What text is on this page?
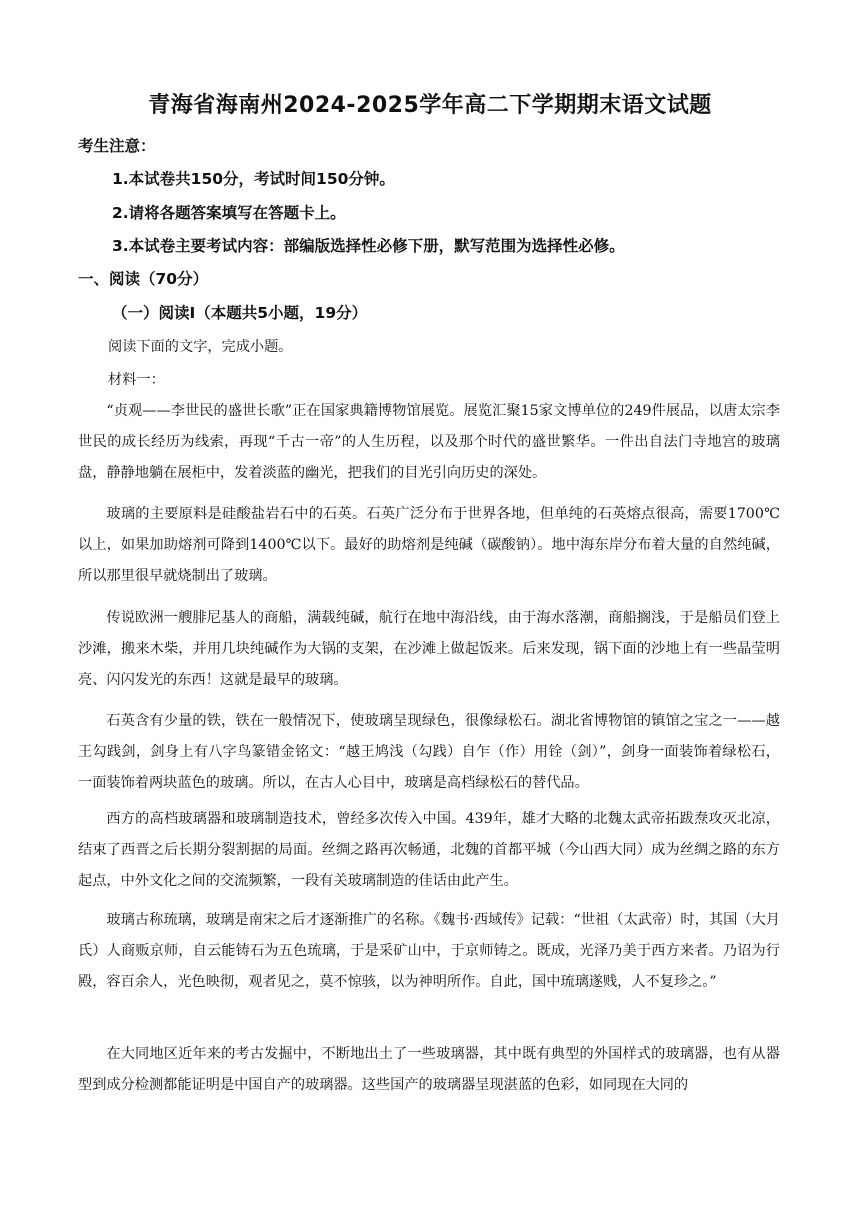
青海省海南州2024-2025学年高二下学期期末语文试题
考生注意：
1.本试卷共150分，考试时间150分钟。
2.请将各题答案填写在答题卡上。
3.本试卷主要考试内容：部编版选择性必修下册，默写范围为选择性必修。
一、阅读（70分）
（一）阅读Ⅰ（本题共5小题，19分）
阅读下面的文字，完成小题。
材料一：

“贞观——李世民的盛世长歌”正在国家典籍博物馆展览。展览汇聚15家文博单位的249件展品，以唐太宗李世民的成长经历为线索，再现“千古一帝”的人生历程，以及那个时代的盛世繁华。一件出自法门寺地宫的玻璃盘，静静地躺在展柜中，发着淡蓝的幽光，把我们的目光引向历史的深处。

玻璃的主要原料是硅酸盐岩石中的石英。石英广泛分布于世界各地，但单纯的石英熔点很高，需要1700℃以上，如果加助熔剂可降到1400℃以下。最好的助熔剂是纯碱（碳酸钠）。地中海东岸分布着大量的自然纯碱，所以那里很早就烧制出了玻璃。

传说欧洲一艘腓尼基人的商船，满载纯碱，航行在地中海沿线，由于海水落潮，商船搁浅，于是船员们登上沙滩，搬来木柴，并用几块纯碱作为大锅的支架，在沙滩上做起饭来。后来发现，锅下面的沙地上有一些晶莹明亮、闪闪发光的东西！这就是最早的玻璃。

石英含有少量的铁，铁在一般情况下，使玻璃呈现绿色，很像绿松石。湖北省博物馆的镇馆之宝之一——越王勾践剑，剑身上有八字鸟篆错金铭文：“越王鸠浅（勾践）自乍（作）用铨（剑）”，剑身一面装饰着绿松石，一面装饰着两块蓝色的玻璃。所以，在古人心目中，玻璃是高档绿松石的替代品。

西方的高档玻璃器和玻璃制造技术，曾经多次传入中国。439年，雄才大略的北魏太武帝拓跋焘攻灭北凉，结束了西晋之后长期分裂割据的局面。丝绸之路再次畅通，北魏的首都平城（今山西大同）成为丝绸之路的东方起点，中外文化之间的交流频繁，一段有关玻璃制造的佳话由此产生。

玻璃古称琉璃，玻璃是南宋之后才逐渐推广的名称。《魏书·西域传》记载：“世祖（太武帝）时，其国（大月氏）人商贩京师，自云能铸石为五色琉璃，于是采矿山中，于京师铸之。既成，光泽乃美于西方来者。乃诏为行殿，容百余人，光色映彻，观者见之，莫不惊骇，以为神明所作。自此，国中琉璃遂贱，人不复珍之。”

在大同地区近年来的考古发掘中，不断地出土了一些玻璃器，其中既有典型的外国样式的玻璃器，也有从器型到成分检测都能证明是中国自产的玻璃器。这些国产的玻璃器呈现湛蓝的色彩，如同现在大同的
